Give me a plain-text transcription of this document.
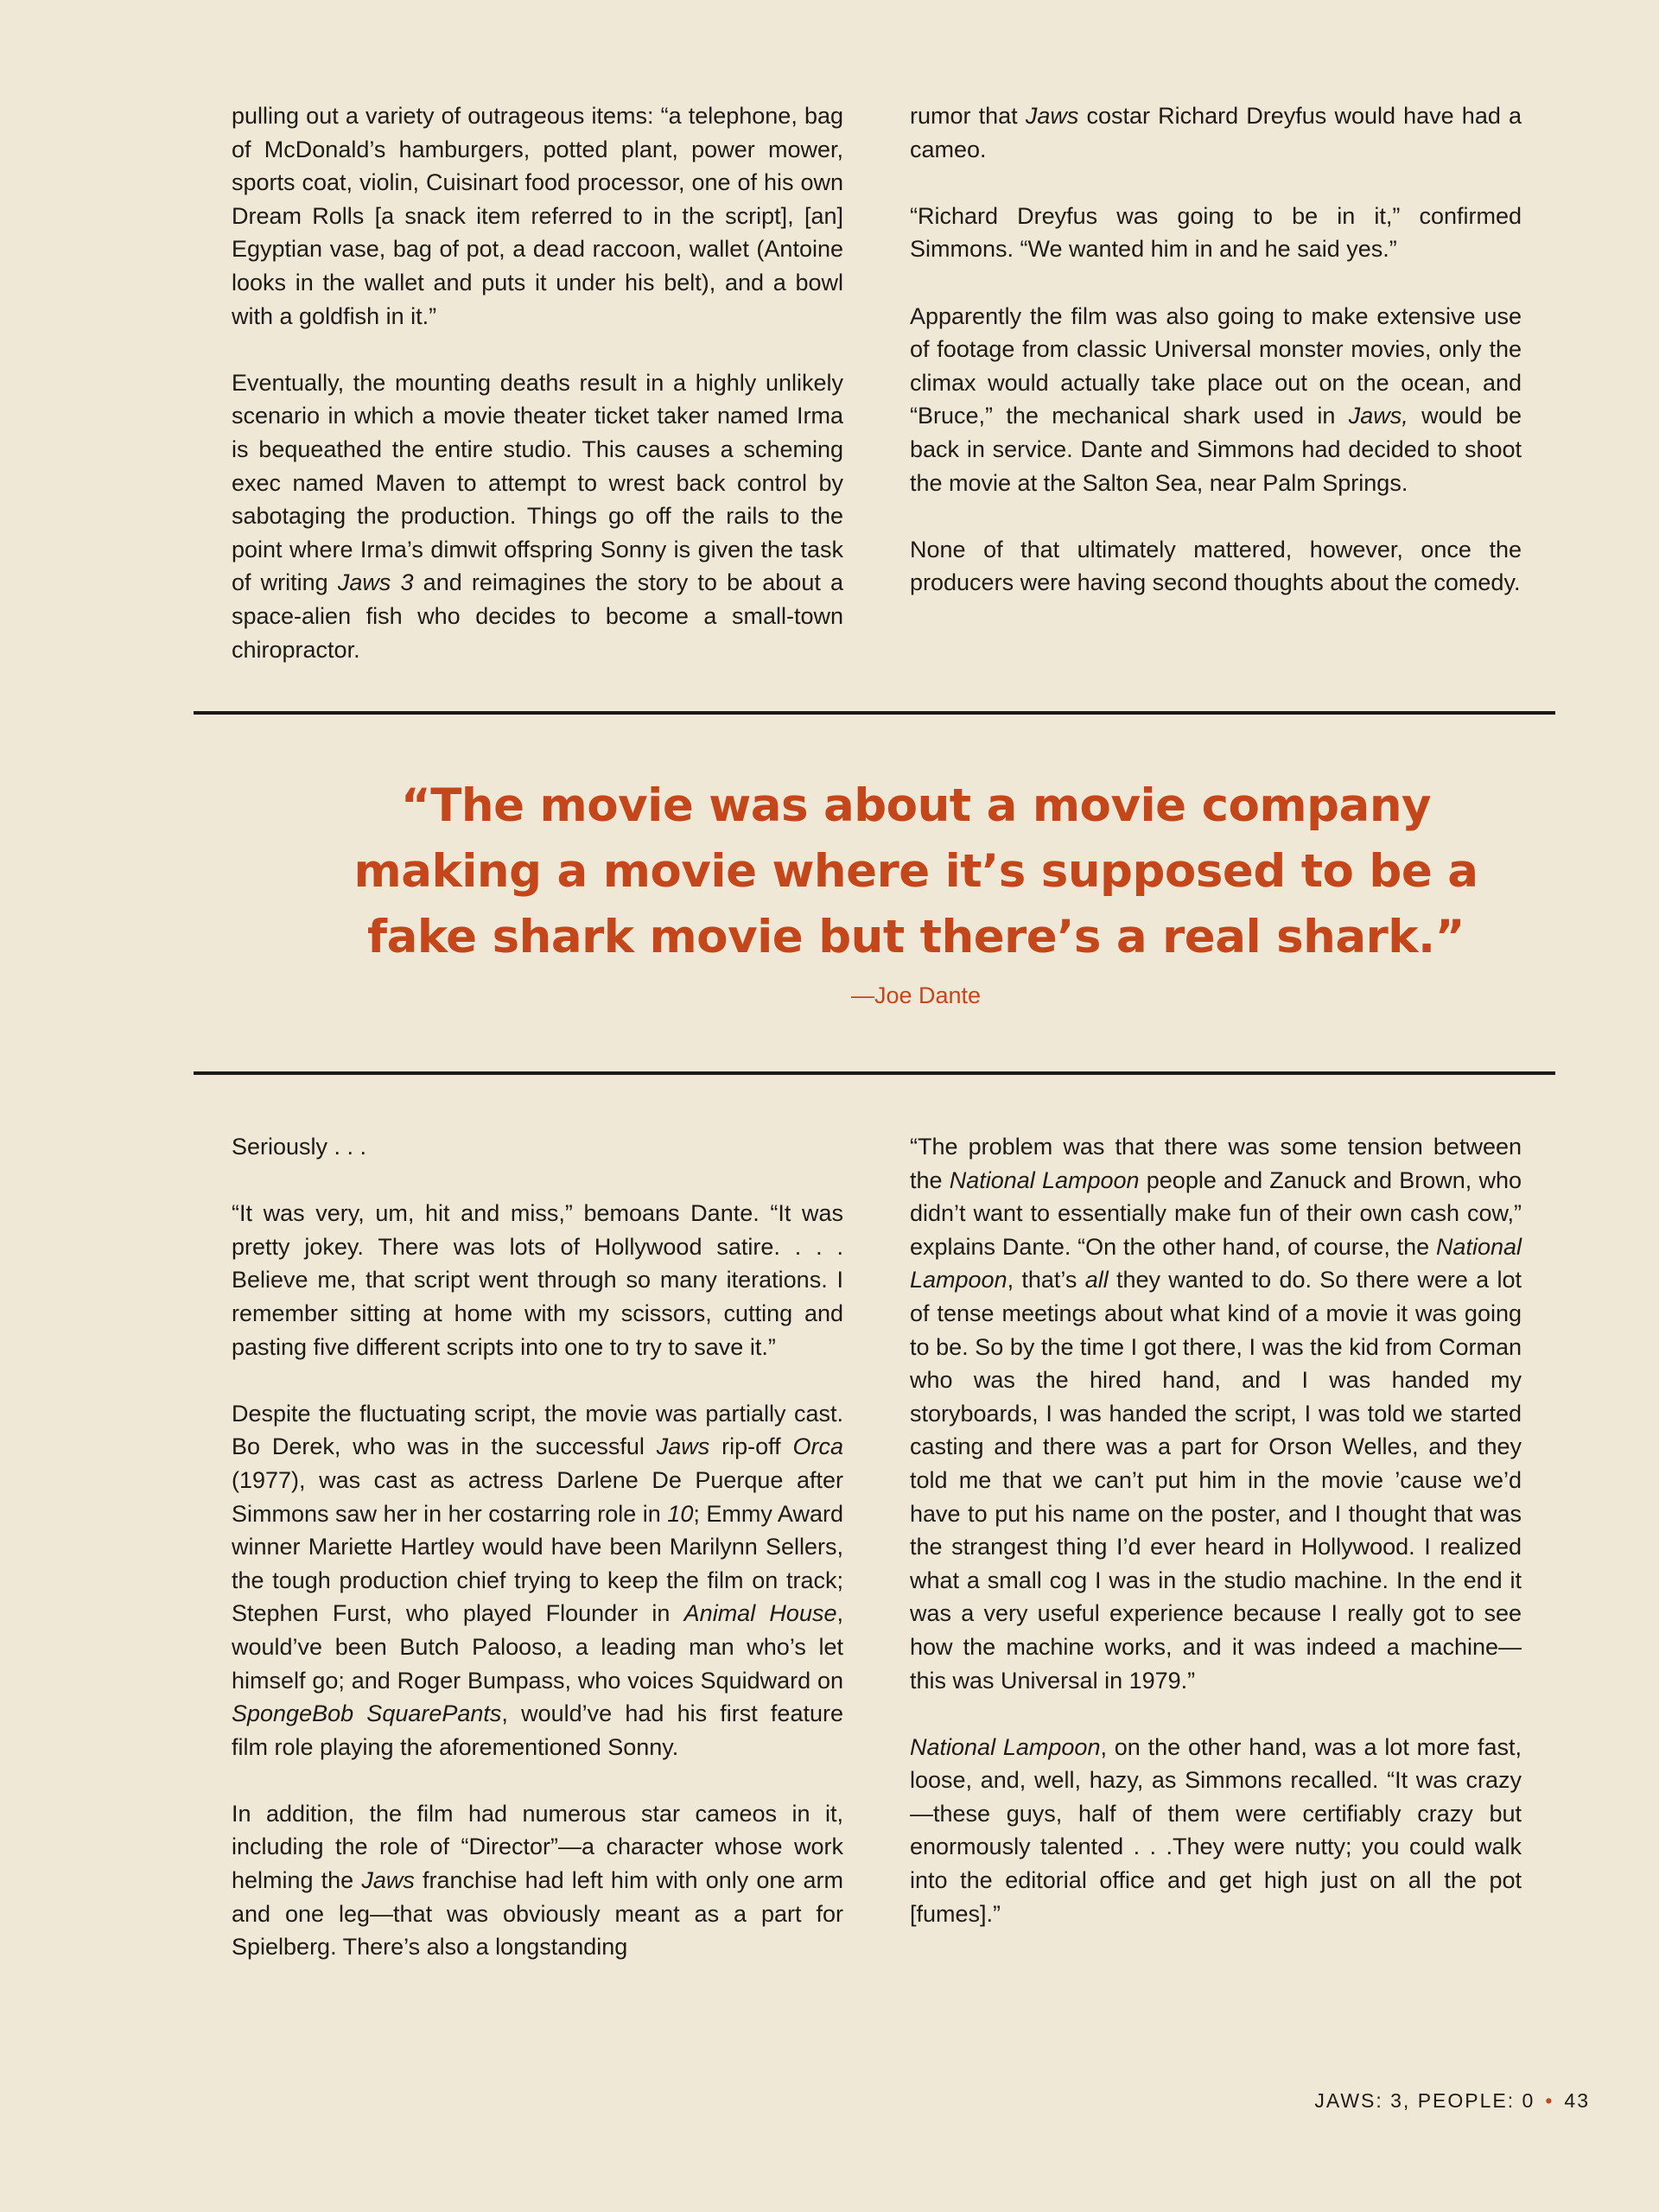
pulling out a variety of outrageous items: “a telephone, bag of McDonald’s hamburgers, potted plant, power mower, sports coat, violin, Cuisinart food processor, one of his own Dream Rolls [a snack item referred to in the script], [an] Egyptian vase, bag of pot, a dead raccoon, wallet (Antoine looks in the wallet and puts it under his belt), and a bowl with a goldfish in it.”

Eventually, the mounting deaths result in a highly unlikely scenario in which a movie theater ticket taker named Irma is bequeathed the entire studio. This causes a scheming exec named Maven to attempt to wrest back control by sabotaging the production. Things go off the rails to the point where Irma’s dimwit offspring Sonny is given the task of writing Jaws 3 and reimagines the story to be about a space-alien fish who decides to become a small-town chiropractor.

rumor that Jaws costar Richard Dreyfus would have had a cameo.

“Richard Dreyfus was going to be in it,” confirmed Simmons. “We wanted him in and he said yes.”

Apparently the film was also going to make extensive use of footage from classic Universal monster movies, only the climax would actually take place out on the ocean, and “Bruce,” the mechanical shark used in Jaws, would be back in service. Dante and Simmons had decided to shoot the movie at the Salton Sea, near Palm Springs.

None of that ultimately mattered, however, once the producers were having second thoughts about the comedy.

“The movie was about a movie company

making a movie where it’s supposed to be a

fake shark movie but there’s a real shark.”

—Joe Dante

Seriously . . .

“It was very, um, hit and miss,” bemoans Dante. “It was pretty jokey. There was lots of Hollywood satire. . . . Believe me, that script went through so many iterations. I remember sitting at home with my scissors, cutting and pasting five different scripts into one to try to save it.”

Despite the fluctuating script, the movie was partially cast. Bo Derek, who was in the successful Jaws rip-off Orca (1977), was cast as actress Darlene De Puerque after Simmons saw her in her costarring role in 10; Emmy Award winner Mariette Hartley would have been Marilynn Sellers, the tough production chief trying to keep the film on track; Stephen Furst, who played Flounder in Animal House, would’ve been Butch Palooso, a leading man who’s let himself go; and Roger Bumpass, who voices Squidward on SpongeBob SquarePants, would’ve had his first feature film role playing the aforementioned Sonny.

In addition, the film had numerous star cameos in it, including the role of “Director”—a character whose work helming the Jaws franchise had left him with only one arm and one leg—that was obviously meant as a part for Spielberg. There’s also a longstanding

“The problem was that there was some tension between the National Lampoon people and Zanuck and Brown, who didn’t want to essentially make fun of their own cash cow,” explains Dante. “On the other hand, of course, the National Lampoon, that’s all they wanted to do. So there were a lot of tense meetings about what kind of a movie it was going to be. So by the time I got there, I was the kid from Corman who was the hired hand, and I was handed my storyboards, I was handed the script, I was told we started casting and there was a part for Orson Welles, and they told me that we can’t put him in the movie ’cause we’d have to put his name on the poster, and I thought that was the strangest thing I’d ever heard in Hollywood. I realized what a small cog I was in the studio machine. In the end it was a very useful experience because I really got to see how the machine works, and it was indeed a machine—this was Universal in 1979.”

National Lampoon, on the other hand, was a lot more fast, loose, and, well, hazy, as Simmons recalled. “It was crazy—these guys, half of them were certifiably crazy but enormously talented . . .They were nutty; you could walk into the editorial office and get high just on all the pot [fumes].”

JAWS: 3, PEOPLE: 0 • 43
